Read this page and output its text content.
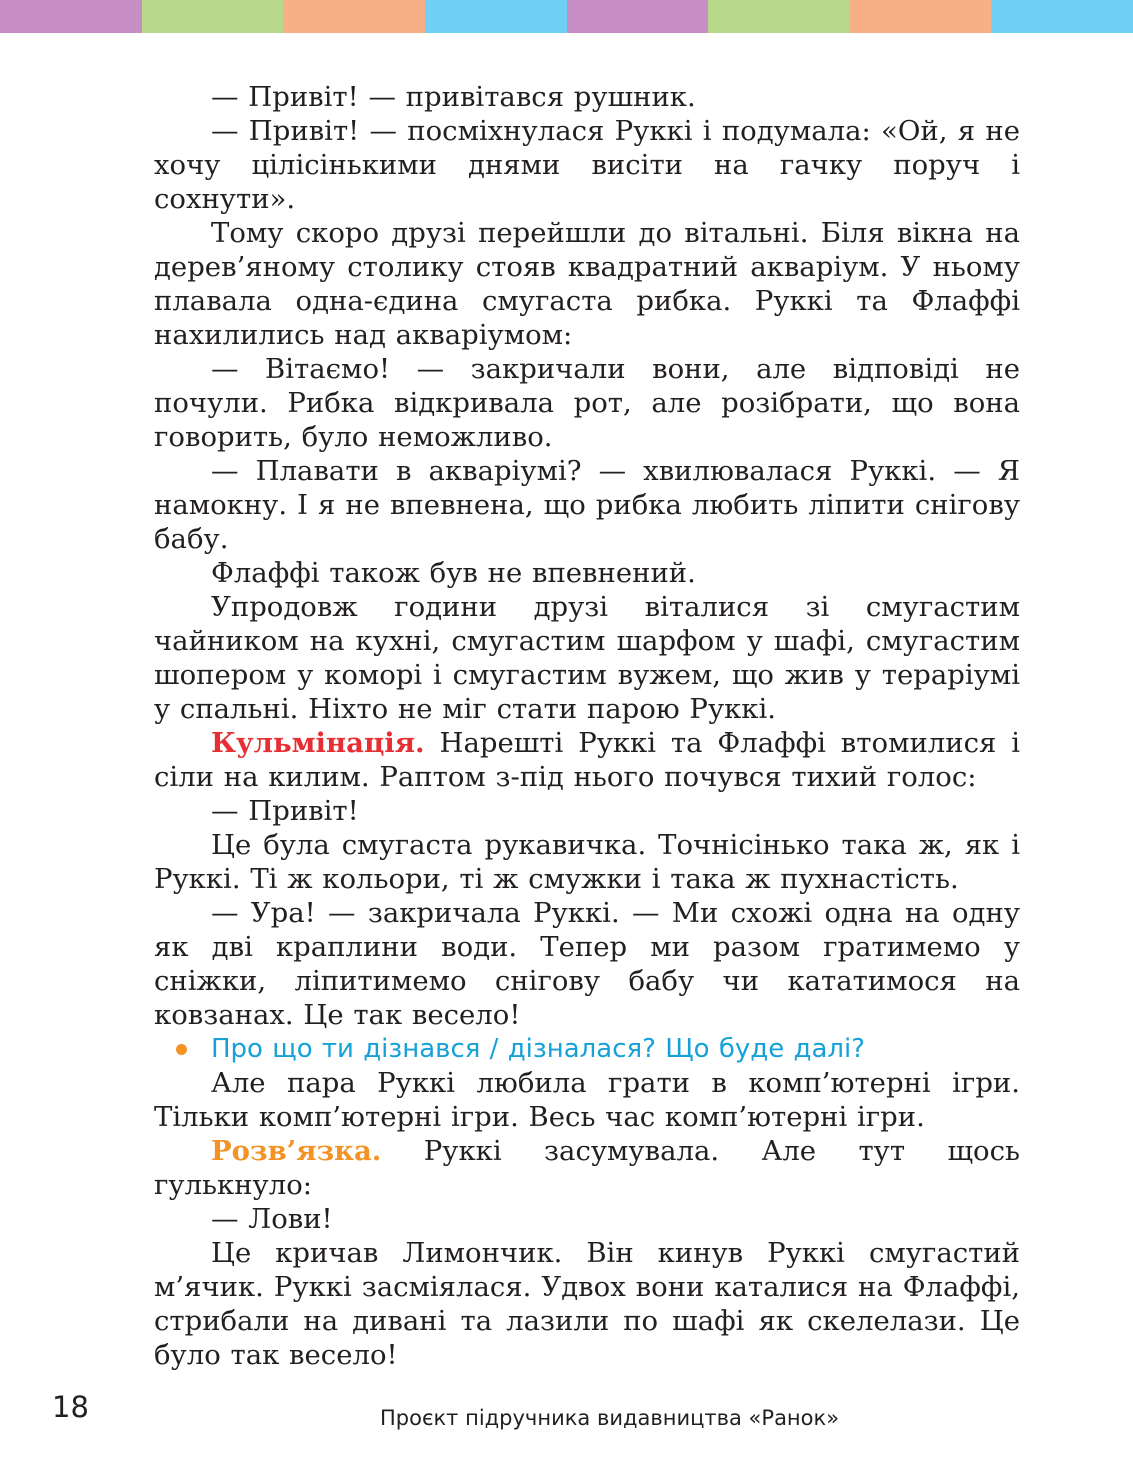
— Привіт! — привітався рушник.

— Привіт! — посміхнулася Руккі і подумала: «Ой, я не хочу цілісінькими днями висіти на гачку поруч і сохнути».

Тому скоро друзі перейшли до вітальні. Біля вікна на дерев’яному столику стояв квадратний акваріум. У ньому плавала одна-єдина смугаста рибка. Руккі та Флаффі нахилились над акваріумом:

— Вітаємо! — закричали вони, але відповіді не почули. Рибка відкривала рот, але розібрати, що вона говорить, було неможливо.

— Плавати в акваріумі? — хвилювалася Руккі. — Я намокну. І я не впевнена, що рибка любить ліпити снігову бабу.

Флаффі також був не впевнений.

Упродовж години друзі віталися зі смугастим чайником на кухні, смугастим шарфом у шафі, смугастим шопером у коморі і смугастим вужем, що жив у тераріумі у спальні. Ніхто не міг стати парою Руккі.

Кульмінація. Нарешті Руккі та Флаффі втомилися і сіли на килим. Раптом з-під нього почувся тихий голос:

— Привіт!

Це була смугаста рукавичка. Точнісінько така ж, як і Руккі. Ті ж кольори, ті ж смужки і така ж пухнастість.

— Ура! — закричала Руккі. — Ми схожі одна на одну як дві краплини води. Тепер ми разом гратимемо у сніжки, ліпитимемо снігову бабу чи кататимося на ковзанах. Це так весело!

Про що ти дізнався / дізналася? Що буде далі?

Але пара Руккі любила грати в комп’ютерні ігри. Тільки комп’ютерні ігри. Весь час комп’ютерні ігри.

Розв’язка. Руккі засумувала. Але тут щось гулькнуло:

— Лови!

Це кричав Лимончик. Він кинув Руккі смугастий м’ячик. Руккі засміялася. Удвох вони каталися на Флаффі, стрибали на дивані та лазили по шафі як скелелази. Це було так весело!

18	Проєкт підручника видавництва «Ранок»
